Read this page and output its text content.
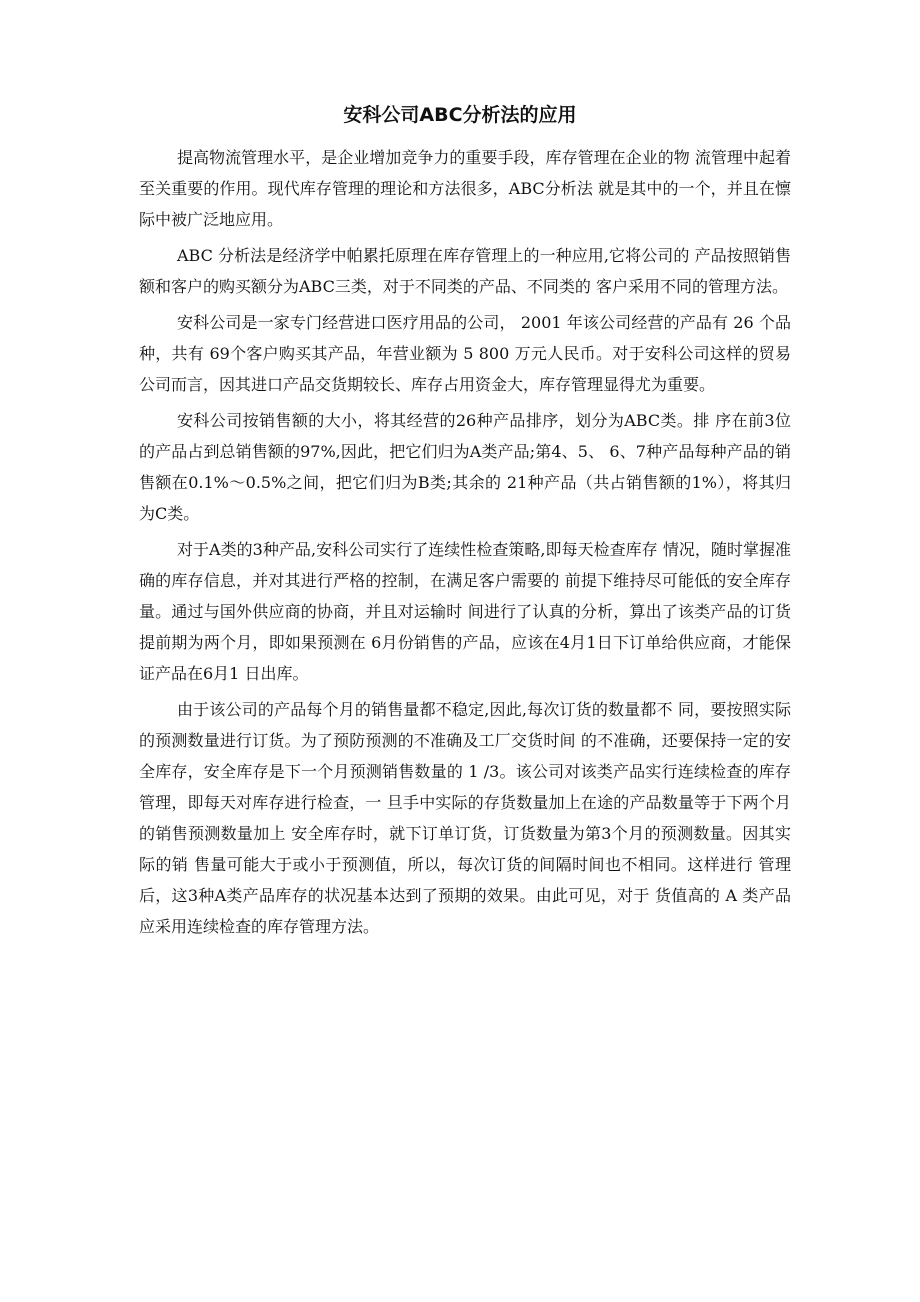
安科公司ABC分析法的应用

提高物流管理水平，是企业增加竞争力的重要手段，库存管理在企业的物 流管理中起着至关重要的作用。现代库存管理的理论和方法很多，ABC分析法 就是其中的一个，并且在懔际中被广泛地应用。

ABC 分析法是经济学中帕累托原理在库存管理上的一种应用,它将公司的 产品按照销售额和客户的购买额分为ABC三类，对于不同类的产品、不同类的 客户采用不同的管理方法。

安科公司是一家专门经营进口医疗用品的公司， 2001 年该公司经营的产品有 26 个品种，共有 69个客户购买其产品，年营业额为 5 800 万元人民币。对于安科公司这样的贸易公司而言，因其进口产品交货期较长、库存占用资金大，库存管理显得尤为重要。

安科公司按销售额的大小，将其经营的26种产品排序，划分为ABC类。排 序在前3位的产品占到总销售额的97%,因此，把它们归为A类产品;第4、5、 6、7种产品每种产品的销售额在0.1%〜0.5%之间，把它们归为B类;其余的 21种产品（共占销售额的1%），将其归为C类。

对于A类的3种产品,安科公司实行了连续性检查策略,即每天检查库存 情况，随时掌握准确的库存信息，并对其进行严格的控制，在满足客户需要的 前提下维持尽可能低的安全库存量。通过与国外供应商的协商，并且对运输时 间进行了认真的分析，算出了该类产品的订货提前期为两个月，即如果预测在 6月份销售的产品，应该在4月1日下订单给供应商，才能保证产品在6月1 日出库。

由于该公司的产品每个月的销售量都不稳定,因此,每次订货的数量都不 同，要按照实际的预测数量进行订货。为了预防预测的不准确及工厂交货时间 的不准确，还要保持一定的安全库存，安全库存是下一个月预测销售数量的 1 /3。该公司对该类产品实行连续检查的库存管理，即每天对库存进行检查，一 旦手中实际的存货数量加上在途的产品数量等于下两个月的销售预测数量加上 安全库存时，就下订单订货，订货数量为第3个月的预测数量。因其实际的销 售量可能大于或小于预测值，所以，每次订货的间隔时间也不相同。这样进行 管理后，这3种A类产品库存的状况基本达到了预期的效果。由此可见，对于 货值高的 A 类产品应采用连续检查的库存管理方法。
